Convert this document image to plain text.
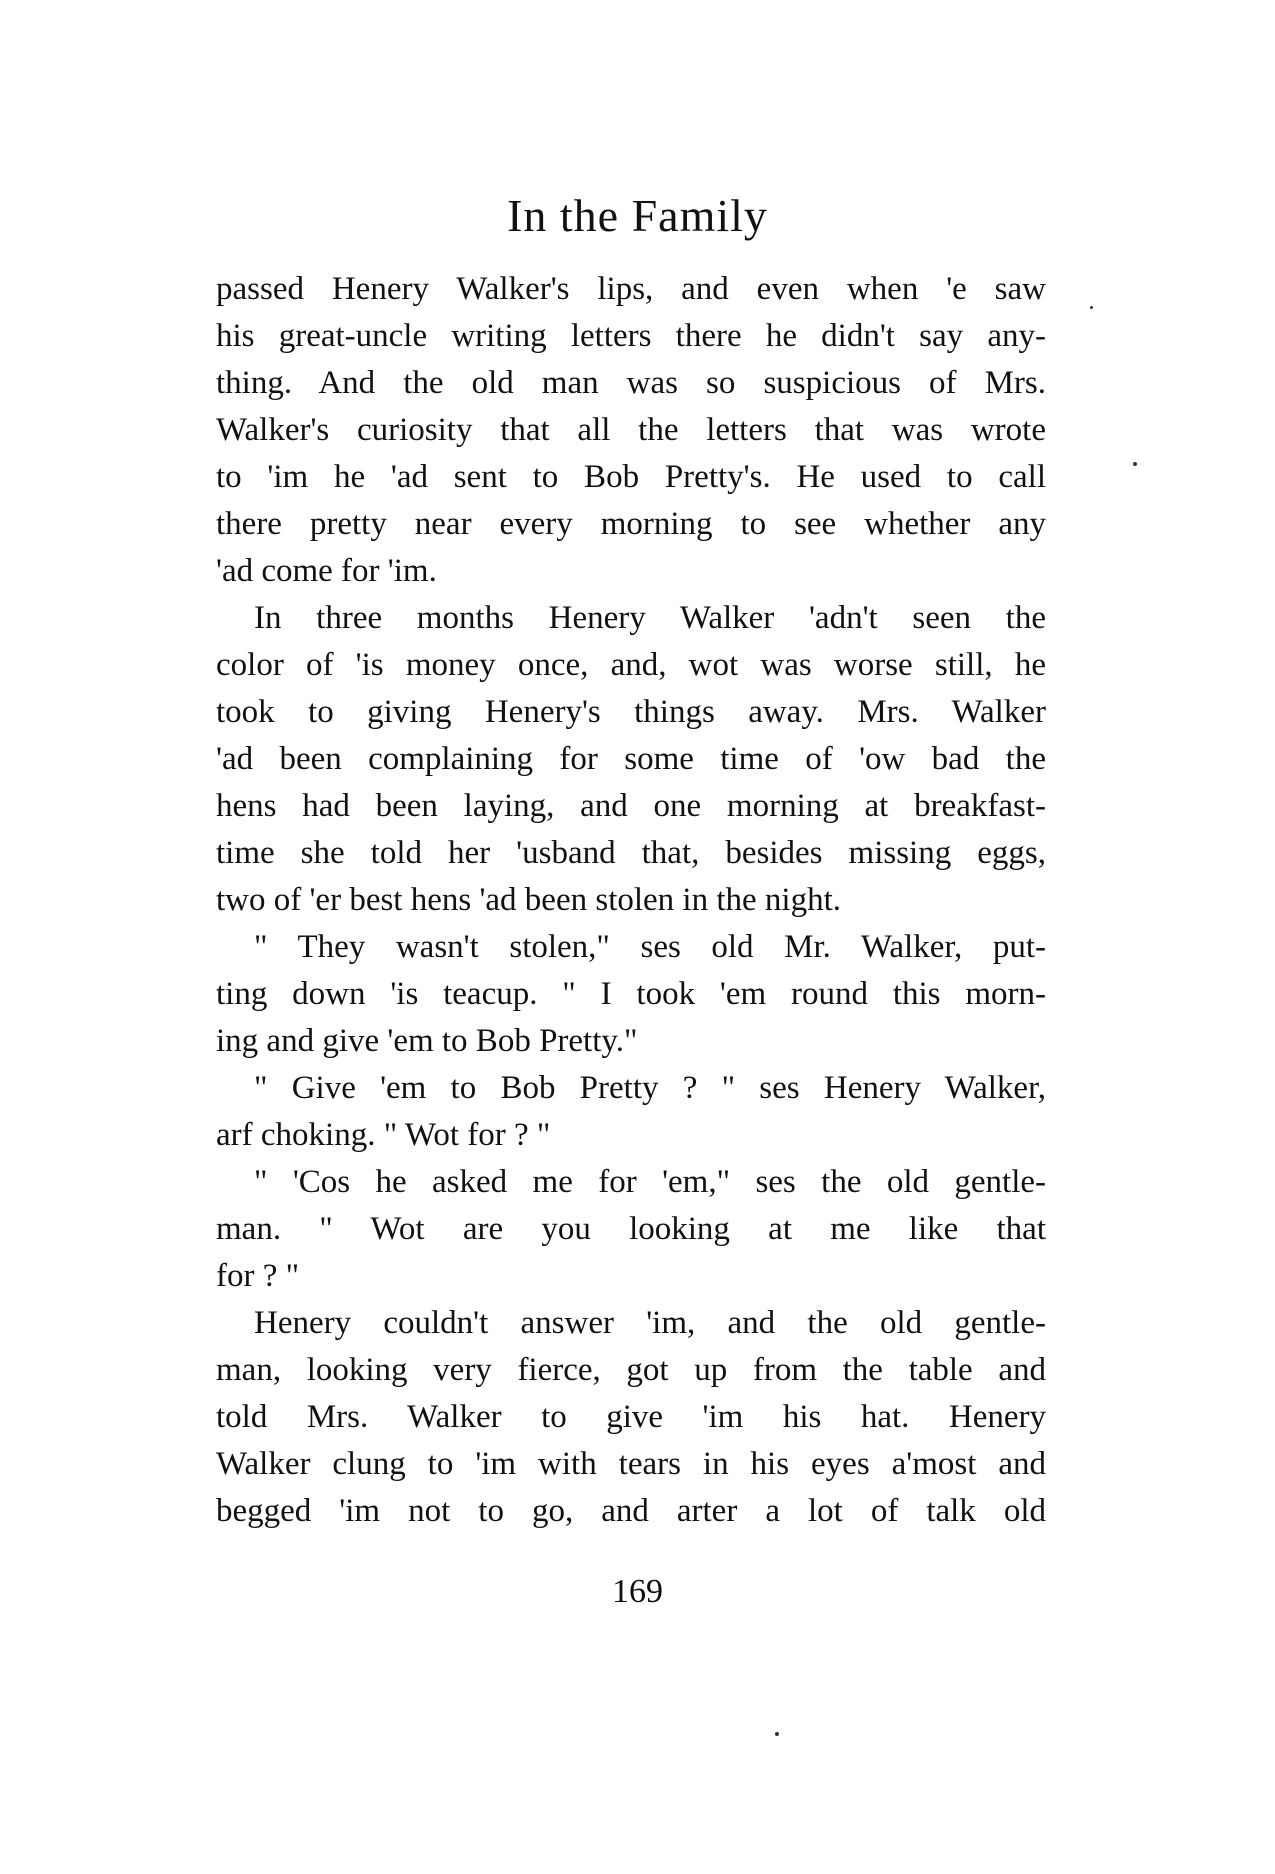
In the Family
passed Henery Walker's lips, and even when 'e saw
his great-uncle writing letters there he didn't say any-
thing. And the old man was so suspicious of Mrs.
Walker's curiosity that all the letters that was wrote
to 'im he 'ad sent to Bob Pretty's. He used to call
there pretty near every morning to see whether any
'ad come for 'im.
In three months Henery Walker 'adn't seen the
color of 'is money once, and, wot was worse still, he
took to giving Henery's things away. Mrs. Walker
'ad been complaining for some time of 'ow bad the
hens had been laying, and one morning at breakfast-
time she told her 'usband that, besides missing eggs,
two of 'er best hens 'ad been stolen in the night.
" They wasn't stolen," ses old Mr. Walker, put-
ting down 'is teacup. " I took 'em round this morn-
ing and give 'em to Bob Pretty."
" Give 'em to Bob Pretty ? " ses Henery Walker,
arf choking. " Wot for ? "
" 'Cos he asked me for 'em," ses the old gentle-
man. " Wot are you looking at me like that
for ? "
Henery couldn't answer 'im, and the old gentle-
man, looking very fierce, got up from the table and
told Mrs. Walker to give 'im his hat. Henery
Walker clung to 'im with tears in his eyes a'most and
begged 'im not to go, and arter a lot of talk old
169
